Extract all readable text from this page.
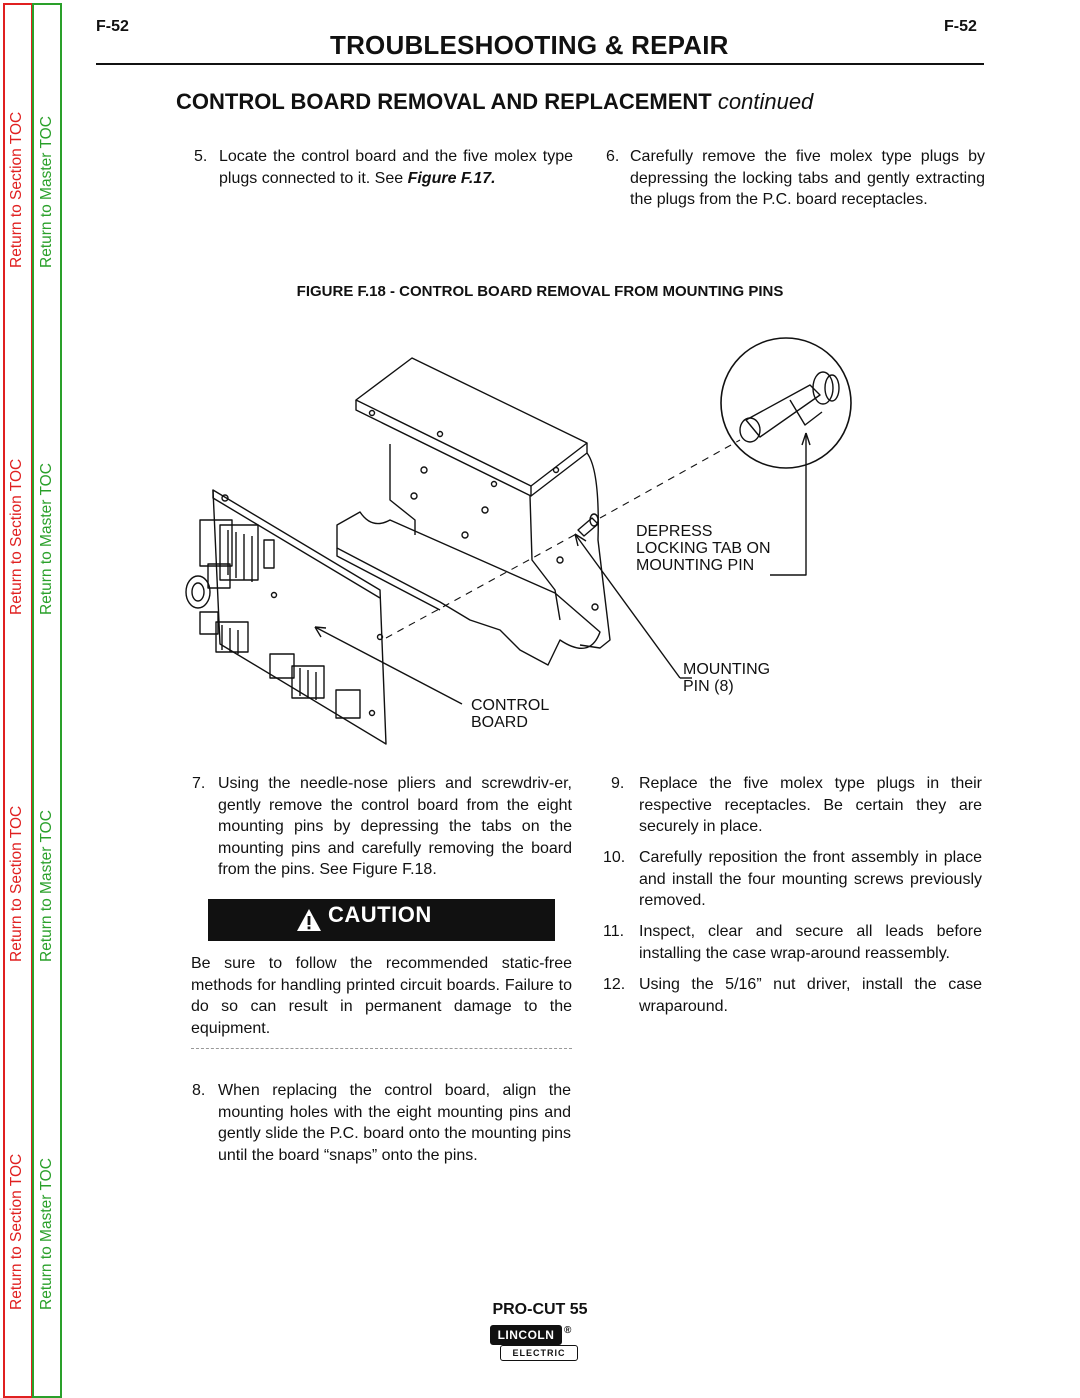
Return to Section TOC Return to Master TOC
Return to Section TOC Return to Master TOC
Return to Section TOC Return to Master TOC
Return to Section TOC Return to Master TOC
F-52	F-52
TROUBLESHOOTING & REPAIR
CONTROL BOARD REMOVAL AND REPLACEMENT continued
5. Locate the control board and the five molex type plugs connected to it. See Figure F.17.
6. Carefully remove the five molex type plugs by depressing the locking tabs and gently extracting the plugs from the P.C. board receptacles.
FIGURE F.18 - CONTROL BOARD REMOVAL FROM MOUNTING PINS
DEPRESS
LOCKING TAB ON
MOUNTING PIN
MOUNTING
PIN (8)
CONTROL
BOARD
7. Using the needle-nose pliers and screwdriv-er, gently remove the control board from the eight mounting pins by depressing the tabs on the mounting pins and carefully removing the board from the pins. See Figure F.18.
CAUTION
Be sure to follow the recommended static-free methods for handling printed circuit boards. Failure to do so can result in permanent damage to the equipment.
8. When replacing the control board, align the mounting holes with the eight mounting pins and gently slide the P.C. board onto the mounting pins until the board “snaps” onto the pins.
9. Replace the five molex type plugs in their respective receptacles. Be certain they are securely in place.
10. Carefully reposition the front assembly in place and install the four mounting screws previously removed.
11. Inspect, clear and secure all leads before installing the case wrap-around reassembly.
12. Using the 5/16” nut driver, install the case wraparound.
PRO-CUT 55
LINCOLN ®
ELECTRIC
